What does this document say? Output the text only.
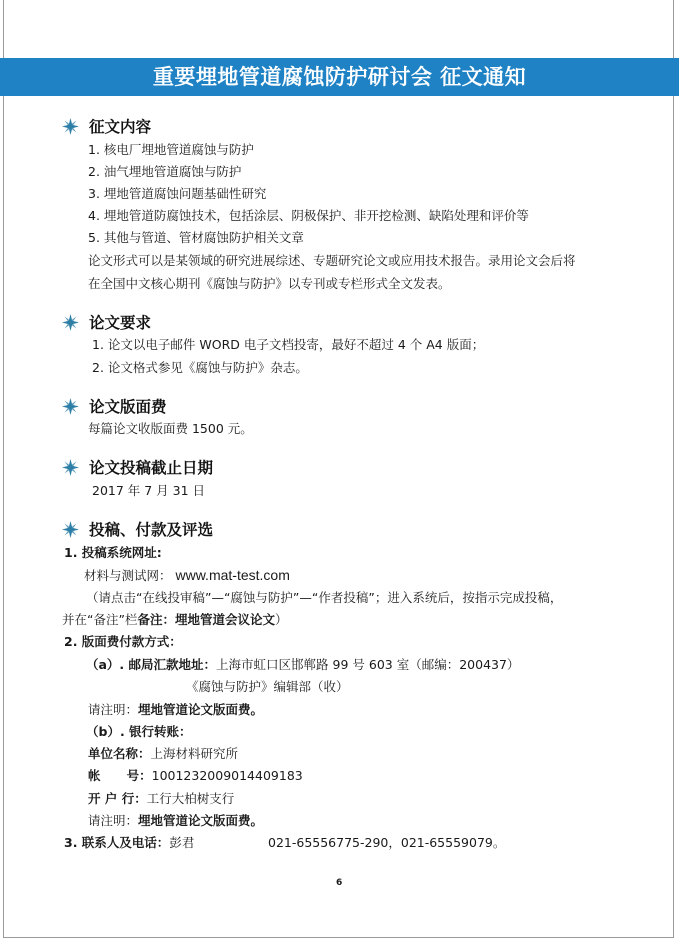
重要埋地管道腐蚀防护研讨会 征文通知
征文内容
1. 核电厂埋地管道腐蚀与防护
2. 油气埋地管道腐蚀与防护
3. 埋地管道腐蚀问题基础性研究
4. 埋地管道防腐蚀技术，包括涂层、阴极保护、非开挖检测、缺陷处理和评价等
5. 其他与管道、管材腐蚀防护相关文章
论文形式可以是某领域的研究进展综述、专题研究论文或应用技术报告。录用论文会后将
在全国中文核心期刊《腐蚀与防护》以专刊或专栏形式全文发表。
论文要求
1. 论文以电子邮件 WORD 电子文档投寄，最好不超过 4 个 A4 版面；
2. 论文格式参见《腐蚀与防护》杂志。
论文版面费
每篇论文收版面费 1500 元。
论文投稿截止日期
2017 年 7 月 31 日
投稿、付款及评选
1. 投稿系统网址:
材料与测试网： www.mat-test.com
（请点击“在线投审稿”—“腐蚀与防护”—“作者投稿”；进入系统后，按指示完成投稿，
并在“备注”栏备注：埋地管道会议论文）
2. 版面费付款方式：
（a）. 邮局汇款地址：上海市虹口区邯郸路 99 号 603 室（邮编：200437）
《腐蚀与防护》编辑部（收）
请注明：埋地管道论文版面费。
（b）. 银行转账：
单位名称：上海材料研究所
帐      号：1001232009014409183
开 户 行：工行大柏树支行
请注明：埋地管道论文版面费。
3. 联系人及电话：彭君	021-65556775-290，021-65559079。
6
